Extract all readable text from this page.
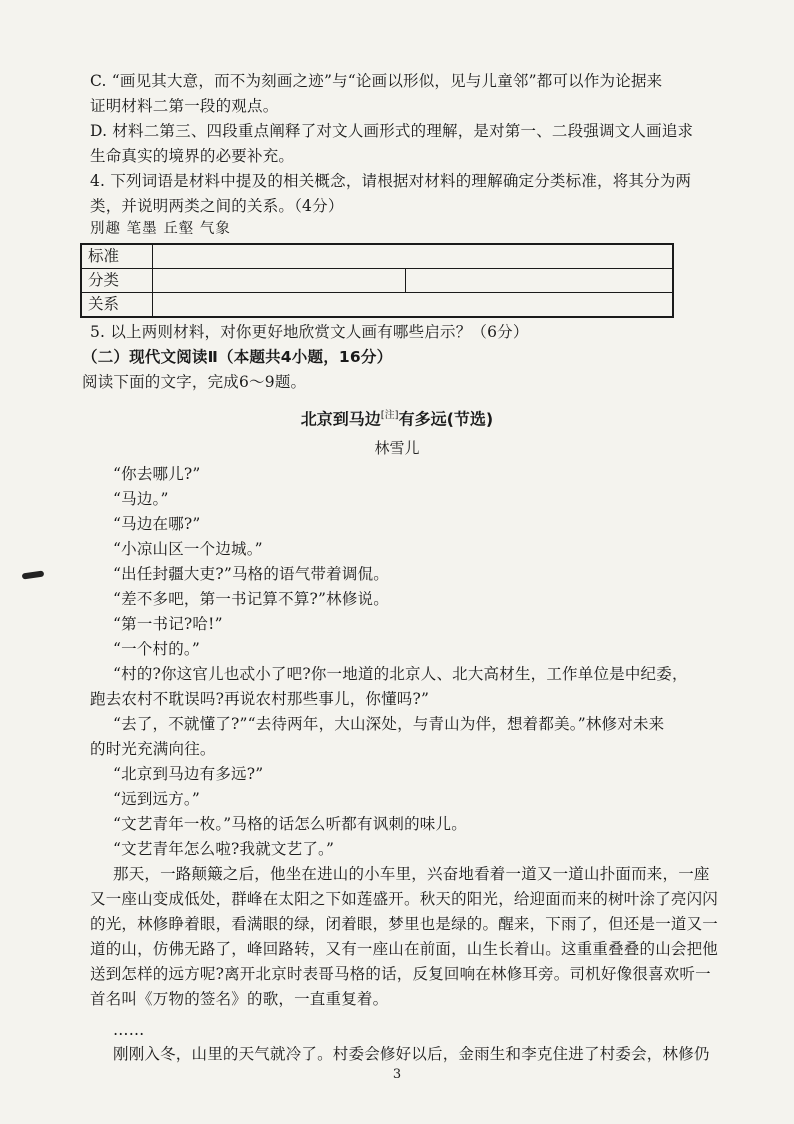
C. “画见其大意，而不为刻画之迹”与“论画以形似，见与儿童邻”都可以作为论据来
证明材料二第一段的观点。
D. 材料二第三、四段重点阐释了对文人画形式的理解，是对第一、二段强调文人画追求
生命真实的境界的必要补充。
4. 下列词语是材料中提及的相关概念，请根据对材料的理解确定分类标准，将其分为两
类，并说明两类之间的关系。（4分）
別趣 笔墨 丘壑 气象
标准		
分类		
关系		
5. 以上两则材料，对你更好地欣赏文人画有哪些启示？（6分）
（二）现代文阅读Ⅱ（本题共4小题，16分）
阅读下面的文字，完成6～9题。
北京到马边[注]有多远(节选)
林雪儿
“你去哪儿?”
“马边。”
“马边在哪?”
“小凉山区一个边城。”
“出任封疆大吏?”马格的语气带着调侃。
“差不多吧，第一书记算不算?”林修说。
“第一书记?哈!”
“一个村的。”
“村的?你这官儿也忒小了吧?你一地道的北京人、北大高材生，工作单位是中纪委，
跑去农村不耽误吗?再说农村那些事儿，你懂吗?”
“去了，不就懂了?”“去待两年，大山深处，与青山为伴，想着都美。”林修对未来
的时光充满向往。
“北京到马边有多远?”
“远到远方。”
“文艺青年一枚。”马格的话怎么听都有讽刺的味儿。
“文艺青年怎么啦?我就文艺了。”
那天，一路颠簸之后，他坐在进山的小车里，兴奋地看着一道又一道山扑面而来，一座
又一座山变成低处，群峰在太阳之下如莲盛开。秋天的阳光，给迎面而来的树叶涂了亮闪闪
的光，林修睁着眼，看满眼的绿，闭着眼，梦里也是绿的。醒来，下雨了，但还是一道又一
道的山，仿佛无路了，峰回路转，又有一座山在前面，山生长着山。这重重叠叠的山会把他
送到怎样的远方呢?离开北京时表哥马格的话，反复回响在林修耳旁。司机好像很喜欢听一
首名叫《万物的签名》的歌，一直重复着。
……
刚刚入冬，山里的天气就冷了。村委会修好以后，金雨生和李克住进了村委会，林修仍
3
